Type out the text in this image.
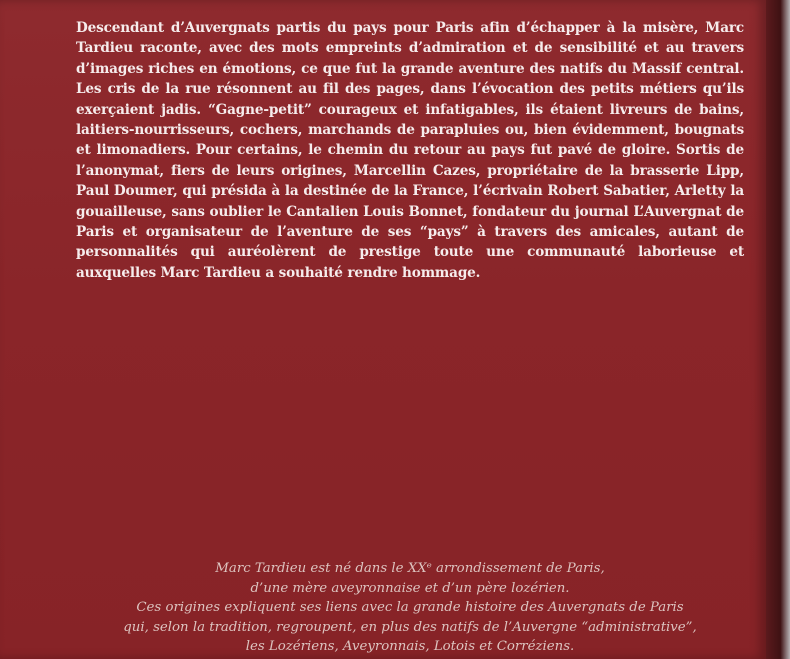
Descendant d’Auvergnats partis du pays pour Paris afin d’échapper à la misère, Marc Tardieu raconte, avec des mots empreints d’admiration et de sensibilité et au travers d’images riches en émotions, ce que fut la grande aventure des natifs du Massif central. Les cris de la rue résonnent au fil des pages, dans l’évocation des petits métiers qu’ils exerçaient jadis. “Gagne-petit” courageux et infatigables, ils étaient livreurs de bains, laitiers-nourrisseurs, cochers, marchands de parapluies ou, bien évidemment, bougnats et limonadiers. Pour certains, le chemin du retour au pays fut pavé de gloire. Sortis de l’anonymat, fiers de leurs origines, Marcellin Cazes, propriétaire de la brasserie Lipp, Paul Doumer, qui présida à la destinée de la France, l’écrivain Robert Sabatier, Arletty la gouailleuse, sans oublier le Cantalien Louis Bonnet, fondateur du journal L’Auvergnat de Paris et organisateur de l’aventure de ses “pays” à travers des amicales, autant de personnalités qui auréolèrent de prestige toute une communauté laborieuse et auxquelles Marc Tardieu a souhaité rendre hommage.

Marc Tardieu est né dans le XXᵉ arrondissement de Paris,
d’une mère aveyronnaise et d’un père lozérien.
Ces origines expliquent ses liens avec la grande histoire des Auvergnats de Paris
qui, selon la tradition, regroupent, en plus des natifs de l’Auvergne “administrative”,
les Lozériens, Aveyronnais, Lotois et Corréziens.
